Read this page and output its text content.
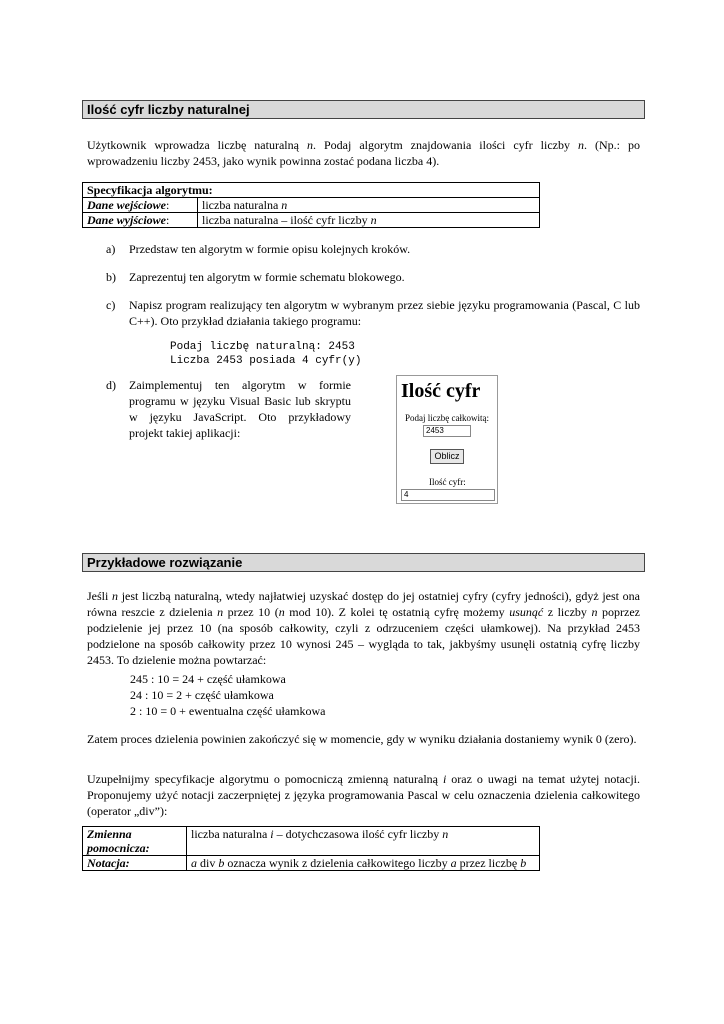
Ilość cyfr liczby naturalnej
Użytkownik wprowadza liczbę naturalną n. Podaj algorytm znajdowania ilości cyfr liczby n. (Np.: po wprowadzeniu liczby 2453, jako wynik powinna zostać podana liczba 4).
Specyfikacja algorytmu:	
Dane wejściowe:	liczba naturalna n
Dane wyjściowe:	liczba naturalna – ilość cyfr liczby n
a) Przedstaw ten algorytm w formie opisu kolejnych kroków.
b) Zaprezentuj ten algorytm w formie schematu blokowego.
c) Napisz program realizujący ten algorytm w wybranym przez siebie języku programowania (Pascal, C lub C++). Oto przykład działania takiego programu:
Podaj liczbę naturalną: 2453
Liczba 2453 posiada 4 cyfr(y)
d) Zaimplementuj ten algorytm w formie programu w języku Visual Basic lub skryptu w języku JavaScript. Oto przykładowy projekt takiej aplikacji:
Ilość cyfr
Podaj liczbę całkowitą:
2453
Oblicz
Ilość cyfr:
4
Przykładowe rozwiązanie
Jeśli n jest liczbą naturalną, wtedy najłatwiej uzyskać dostęp do jej ostatniej cyfry (cyfry jedności), gdyż jest ona równa reszcie z dzielenia n przez 10 (n mod 10). Z kolei tę ostatnią cyfrę możemy usunąć z liczby n poprzez podzielenie jej przez 10 (na sposób całkowity, czyli z odrzuceniem części ułamkowej). Na przykład 2453 podzielone na sposób całkowity przez 10 wynosi 245 – wygląda to tak, jakbyśmy usunęli ostatnią cyfrę liczby 2453. To dzielenie można powtarzać:
245 : 10 = 24 + część ułamkowa
24 : 10 = 2 + część ułamkowa
2 : 10 = 0 + ewentualna część ułamkowa
Zatem proces dzielenia powinien zakończyć się w momencie, gdy w wyniku działania dostaniemy wynik 0 (zero).
Uzupełnijmy specyfikacje algorytmu o pomocniczą zmienną naturalną i oraz o uwagi na temat użytej notacji. Proponujemy użyć notacji zaczerpniętej z języka programowania Pascal w celu oznaczenia dzielenia całkowitego (operator „div”):
Zmienna pomocnicza:	liczba naturalna i – dotychczasowa ilość cyfr liczby n
Notacja:	a div b oznacza wynik z dzielenia całkowitego liczby a przez liczbę b
